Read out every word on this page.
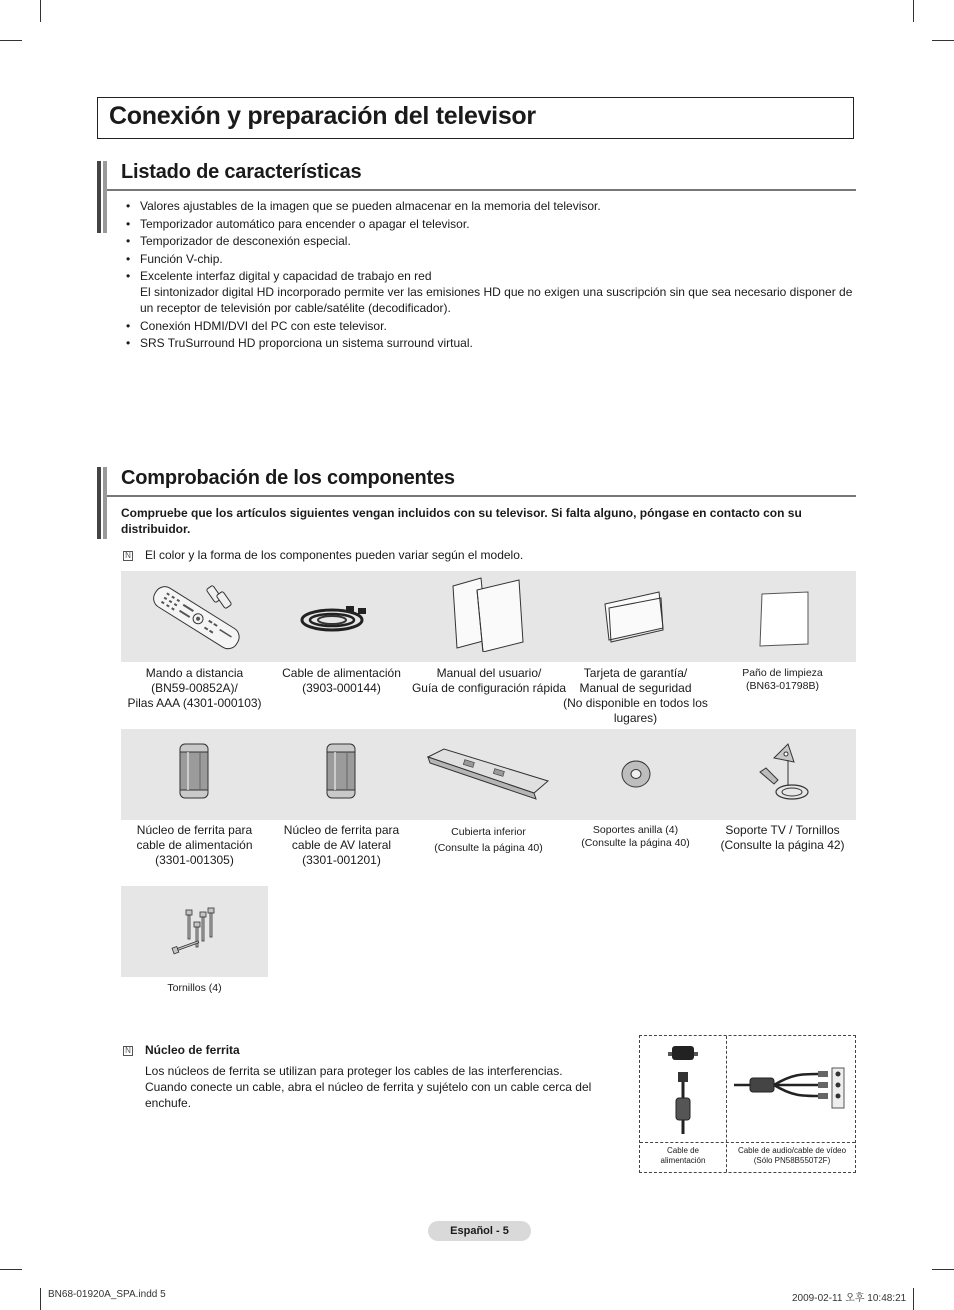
Conexión y preparación del televisor
Listado de características
• Valores ajustables de la imagen que se pueden almacenar en la memoria del televisor.
• Temporizador automático para encender o apagar el televisor.
• Temporizador de desconexión especial.
• Función V-chip.
• Excelente interfaz digital y capacidad de trabajo en red
El sintonizador digital HD incorporado permite ver las emisiones HD que no exigen una suscripción sin que sea necesario disponer de un receptor de televisión por cable/satélite (decodificador).
• Conexión HDMI/DVI del PC con este televisor.
• SRS TruSurround HD proporciona un sistema surround virtual.
Comprobación de los componentes
Compruebe que los artículos siguientes vengan incluidos con su televisor. Si falta alguno, póngase en contacto con su distribuidor.
N El color y la forma de los componentes pueden variar según el modelo.
Mando a distancia
(BN59-00852A)/
Pilas AAA (4301-000103)
Cable de alimentación
(3903-000144)
Manual del usuario/
Guía de configuración rápida
Tarjeta de garantía/
Manual de seguridad
(No disponible en todos los
lugares)
Paño de limpieza
(BN63-01798B)
Núcleo de ferrita para
cable de alimentación
(3301-001305)
Núcleo de ferrita para
cable de AV lateral
(3301-001201)
Cubierta inferior
(Consulte la página 40)
Soportes anilla (4)
(Consulte la página 40)
Soporte TV / Tornillos
(Consulte la página 42)
Tornillos (4)
N Núcleo de ferrita
Los núcleos de ferrita se utilizan para proteger los cables de las interferencias.
Cuando conecte un cable, abra el núcleo de ferrita y sujételo con un cable cerca del enchufe.
Cable de
alimentación
Cable de audio/cable de vídeo
(Sólo PN58B550T2F)
Español - 5
BN68-01920A_SPA.indd 5	2009-02-11 오후 10:48:21
